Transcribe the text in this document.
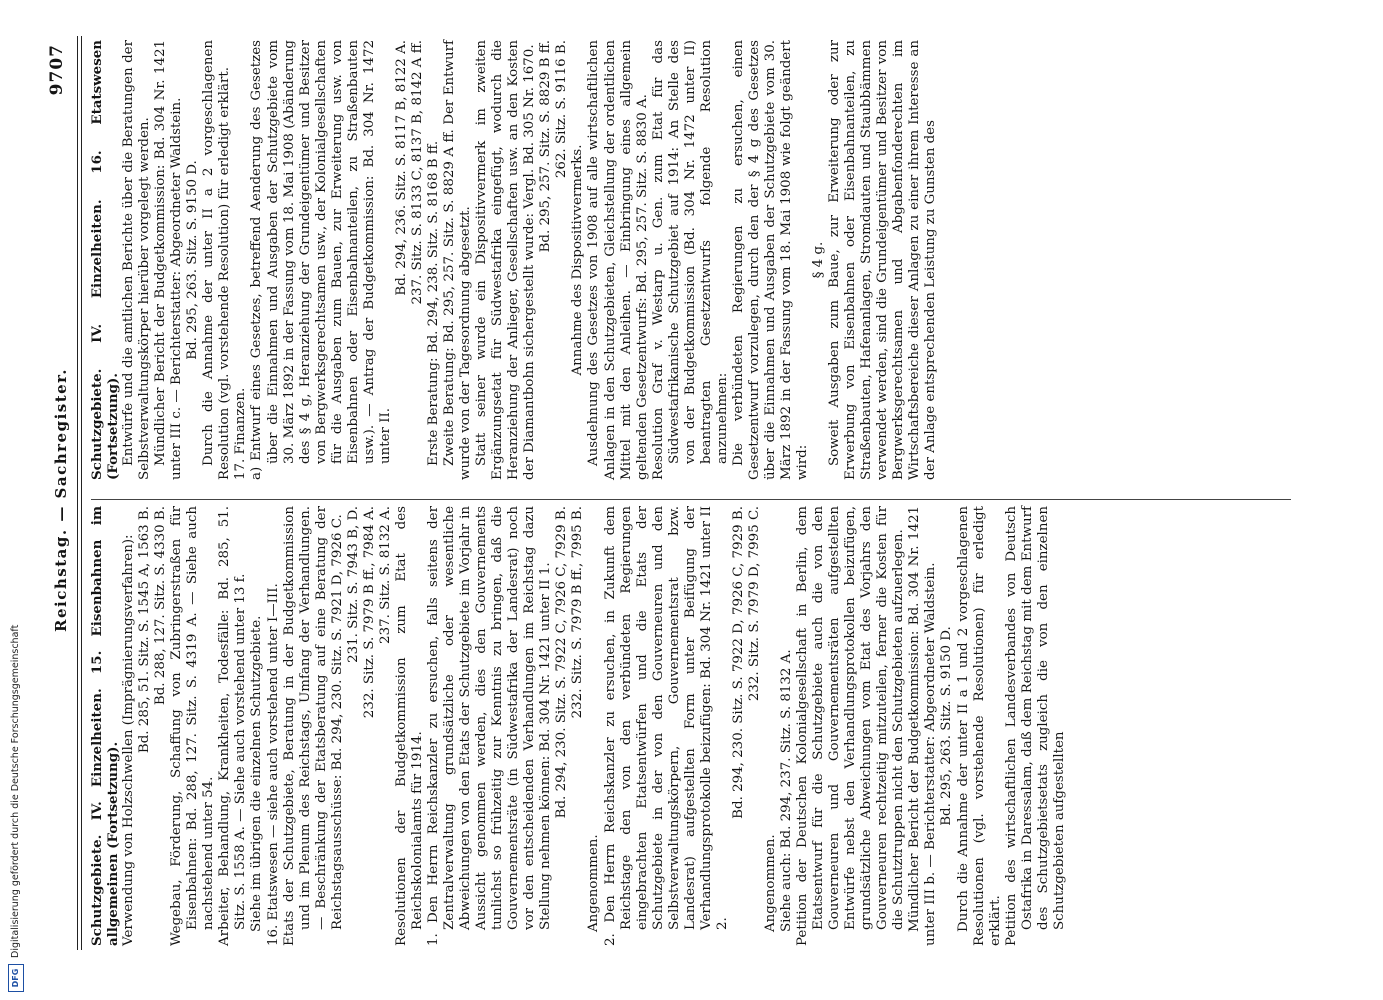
Reichstag. — Sachregister.
9707

Schutzgebiete. IV. Einzelheiten. 15. Eisenbahnen im allgemeinen (Fortsetzung). Verwendung von Holzschwellen (Imprägnierungsverfahren): Bd. 285, 51. Sitz. S. 1545 A, 1563 B. Bd. 288, 127. Sitz. S. 4330 B. Wegebau, Förderung, Schaffung von Zubringerstraßen für Eisenbahnen: Bd. 288, 127. Sitz. S. 4319 A. — Siehe auch nachstehend unter 54. Arbeiter, Behandlung, Krankheiten, Todesfälle: Bd. 285, 51. Sitz. S. 1558 A. — Siehe auch vorstehend unter 13 f. Siehe im übrigen die einzelnen Schutzgebiete. 16. Etatswesen — siehe auch vorstehend unter I—III. Etats der Schutzgebiete, Beratung in der Budgetkommission und im Plenum des Reichstags, Umfang der Verhandlungen. — Beschränkung der Etatsberatung auf eine Beratung der Reichstagsausschüsse: Bd. 294, 230. Sitz. S. 7921 D, 7926 C. 231. Sitz. S. 7943 B, D. 232. Sitz. S. 7979 B ff., 7984 A. 237. Sitz. S. 8132 A. Resolutionen der Budgetkommission zum Etat des Reichskolonialamts für 1914. 1. Den Herrn Reichskanzler zu ersuchen, falls seitens der Zentralverwaltung grundsätzliche oder wesentliche Abweichungen von den Etats der Schutzgebiete im Vorjahr in Aussicht genommen werden, dies den Gouvernements tunlichst so frühzeitig zur Kenntnis zu bringen, daß die Gouvernementsräte (in Südwestafrika der Landesrat) noch vor den entscheidenden Verhandlungen im Reichstag dazu Stellung nehmen können: Bd. 304 Nr. 1421 unter II 1. Bd. 294, 230. Sitz. S. 7922 C, 7926 C, 7929 B. 232. Sitz. S. 7979 B ff., 7995 B.

Angenommen. 2. Den Herrn Reichskanzler zu ersuchen, in Zukunft dem Reichstage den von den verbündeten Regierungen eingebrachten Etatsentwürfen und die Etats der Schutzgebiete in der von den Gouverneuren und den Selbstverwaltungskörpern, Gouvernementsrat bzw. Landesrat) aufgestellten Form unter Beifügung der Verhandlungsprotokolle beizufügen: Bd. 304 Nr. 1421 unter II 2.

Bd. 294, 230. Sitz. S. 7922 D, 7926 C, 7929 B. 232. Sitz. S. 7979 D, 7995 C.

Angenommen. Siehe auch: Bd. 294, 237. Sitz. S. 8132 A. Petition der Deutschen Kolonialgesellschaft in Berlin, dem Etatsentwurf für die Schutzgebiete auch die von den Gouverneuren und Gouvernementsräten aufgestellten Entwürfe nebst den Verhandlungsprotokollen beizufügen, grundsätzliche Abweichungen vom Etat des Vorjahrs den Gouverneuren rechtzeitig mitzuteilen, ferner die Kosten für die Schutztruppen nicht den Schutzgebieten aufzuerlegen. Mündlicher Bericht der Budgetkommission: Bd. 304 Nr. 1421 unter III b. — Berichterstatter: Abgeordneter Waldstein. Bd. 295, 263. Sitz. S. 9150 D. Durch die Annahme der unter II a 1 und 2 vorgeschlagenen Resolutionen (vgl. vorstehende Resolutionen) für erledigt erklärt. Petition des wirtschaftlichen Landesverbandes von Deutsch Ostafrika in Daressalam, daß dem Reichstag mit dem Entwurf des Schutzgebietsetats zugleich die von den einzelnen Schutzgebieten aufgestellten

Schutzgebiete. IV. Einzelheiten. 16. Etatswesen (Fortsetzung). Entwürfe und die amtlichen Berichte über die Beratungen der Selbstverwaltungskörper hierüber vorgelegt werden. Mündlicher Bericht der Budgetkommission: Bd. 304 Nr. 1421 unter III c. — Berichterstatter: Abgeordneter Waldstein. Bd. 295, 263. Sitz. S. 9150 D. Durch die Annahme der unter II a 2 vorgeschlagenen Resolution (vgl. vorstehende Resolution) für erledigt erklärt. 17. Finanzen. a) Entwurf eines Gesetzes, betreffend Aenderung des Gesetzes über die Einnahmen und Ausgaben der Schutzgebiete vom 30. März 1892 in der Fassung vom 18. Mai 1908 (Abänderung des § 4 g, Heranziehung der Grundeigentümer und Besitzer von Bergwerksgerechtsamen usw., der Kolonialgesellschaften für die Ausgaben zum Bauen, zur Erweiterung usw. von Eisenbahnen oder Eisenbahnanteilen, zu Straßenbauten usw.). — Antrag der Budgetkommission: Bd. 304 Nr. 1472 unter II.

Bd. 294, 236. Sitz. S. 8117 B, 8122 A. 237. Sitz. S. 8133 C, 8137 B, 8142 A ff. Erste Beratung: Bd. 294, 238. Sitz. S. 8168 B ff. Zweite Beratung: Bd. 295, 257. Sitz. S. 8829 A ff. Der Entwurf wurde von der Tagesordnung abgesetzt. Statt seiner wurde ein Dispositivvermerk im zweiten Ergänzungsetat für Südwestafrika eingefügt, wodurch die Heranziehung der Anlieger, Gesellschaften usw. an den Kosten der Diamantbohn sichergestellt wurde: Vergl. Bd. 305 Nr. 1670. Bd. 295, 257. Sitz. S. 8829 B ff. 262. Sitz. S. 9116 B.

Annahme des Dispositivvermerks. Ausdehnung des Gesetzes von 1908 auf alle wirtschaftlichen Anlagen in den Schutzgebieten, Gleichstellung der ordentlichen Mittel mit den Anleihen. — Einbringung eines allgemein geltenden Gesetzentwurfs: Bd. 295, 257. Sitz. S. 8830 A. Resolution Graf v. Westarp u. Gen. zum Etat für das Südwestafrikanische Schutzgebiet auf 1914: An Stelle des von der Budgetkommission (Bd. 304 Nr. 1472 unter II) beantragten Gesetzentwurfs folgende Resolution anzunehmen: Die verbündeten Regierungen zu ersuchen, einen Gesetzentwurf vorzulegen, durch den der § 4 g des Gesetzes über die Einnahmen und Ausgaben der Schutzgebiete vom 30. März 1892 in der Fassung vom 18. Mai 1908 wie folgt geändert wird:

§ 4 g. Soweit Ausgaben zum Baue, zur Erweiterung oder zur Erwerbung von Eisenbahnen oder Eisenbahnanteilen, zu Straßenbauten, Hafenanlagen, Stromdauten und Staubbämmen verwendet werden, sind die Grundeigentümer und Besitzer von Bergwerksgerechtsamen und Abgabenfonderechten im Wirtschaftsbereiche dieser Anlagen zu einer ihrem Interesse an der Anlage entsprechenden Leistung zu Gunsten des

DFG
Digitalisierung gefördert durch die Deutsche Forschungsgemeinschaft
